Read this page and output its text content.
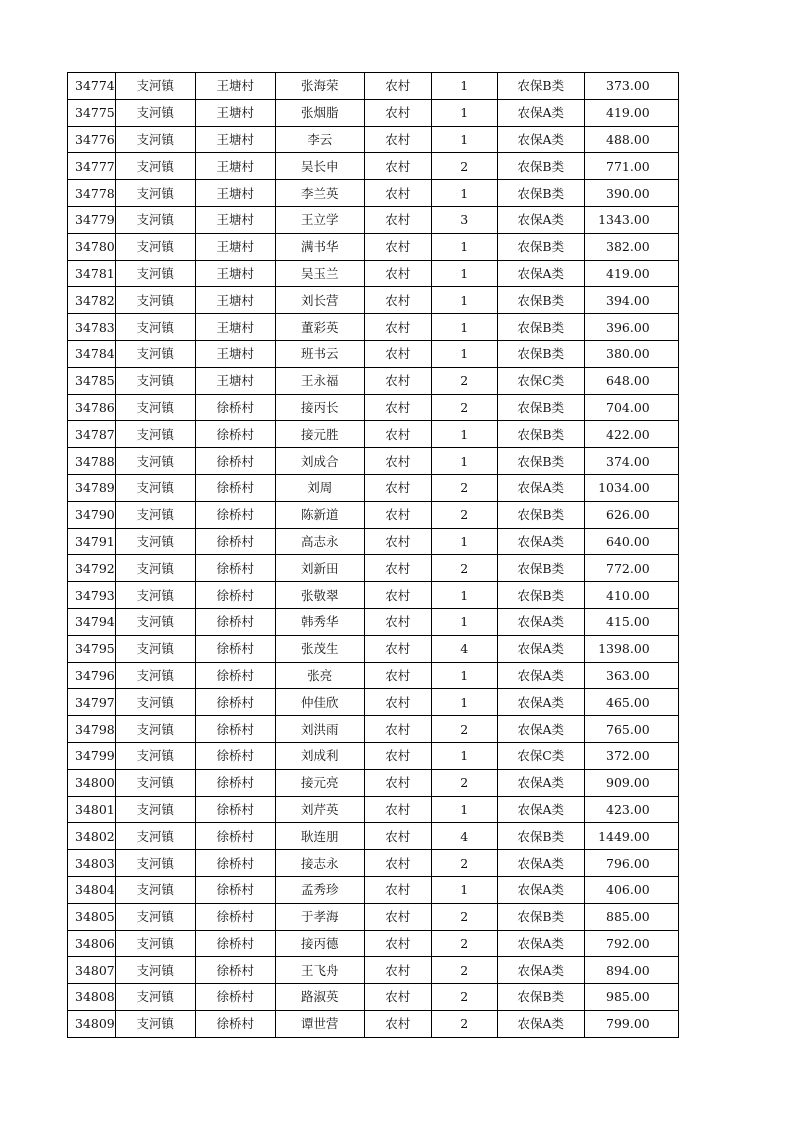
34774	支河镇	王塘村	张海荣	农村	1	农保B类	373.00
34775	支河镇	王塘村	张烟脂	农村	1	农保A类	419.00
34776	支河镇	王塘村	李云	农村	1	农保A类	488.00
34777	支河镇	王塘村	吴长申	农村	2	农保B类	771.00
34778	支河镇	王塘村	李兰英	农村	1	农保B类	390.00
34779	支河镇	王塘村	王立学	农村	3	农保A类	1343.00
34780	支河镇	王塘村	满书华	农村	1	农保B类	382.00
34781	支河镇	王塘村	吴玉兰	农村	1	农保A类	419.00
34782	支河镇	王塘村	刘长营	农村	1	农保B类	394.00
34783	支河镇	王塘村	董彩英	农村	1	农保B类	396.00
34784	支河镇	王塘村	班书云	农村	1	农保B类	380.00
34785	支河镇	王塘村	王永福	农村	2	农保C类	648.00
34786	支河镇	徐桥村	接丙长	农村	2	农保B类	704.00
34787	支河镇	徐桥村	接元胜	农村	1	农保B类	422.00
34788	支河镇	徐桥村	刘成合	农村	1	农保B类	374.00
34789	支河镇	徐桥村	刘周	农村	2	农保A类	1034.00
34790	支河镇	徐桥村	陈新道	农村	2	农保B类	626.00
34791	支河镇	徐桥村	高志永	农村	1	农保A类	640.00
34792	支河镇	徐桥村	刘新田	农村	2	农保B类	772.00
34793	支河镇	徐桥村	张敬翠	农村	1	农保B类	410.00
34794	支河镇	徐桥村	韩秀华	农村	1	农保A类	415.00
34795	支河镇	徐桥村	张茂生	农村	4	农保A类	1398.00
34796	支河镇	徐桥村	张亮	农村	1	农保A类	363.00
34797	支河镇	徐桥村	仲佳欣	农村	1	农保A类	465.00
34798	支河镇	徐桥村	刘洪雨	农村	2	农保A类	765.00
34799	支河镇	徐桥村	刘成利	农村	1	农保C类	372.00
34800	支河镇	徐桥村	接元亮	农村	2	农保A类	909.00
34801	支河镇	徐桥村	刘芹英	农村	1	农保A类	423.00
34802	支河镇	徐桥村	耿连朋	农村	4	农保B类	1449.00
34803	支河镇	徐桥村	接志永	农村	2	农保A类	796.00
34804	支河镇	徐桥村	孟秀珍	农村	1	农保A类	406.00
34805	支河镇	徐桥村	于孝海	农村	2	农保B类	885.00
34806	支河镇	徐桥村	接丙德	农村	2	农保A类	792.00
34807	支河镇	徐桥村	王飞舟	农村	2	农保A类	894.00
34808	支河镇	徐桥村	路淑英	农村	2	农保B类	985.00
34809	支河镇	徐桥村	谭世营	农村	2	农保A类	799.00
